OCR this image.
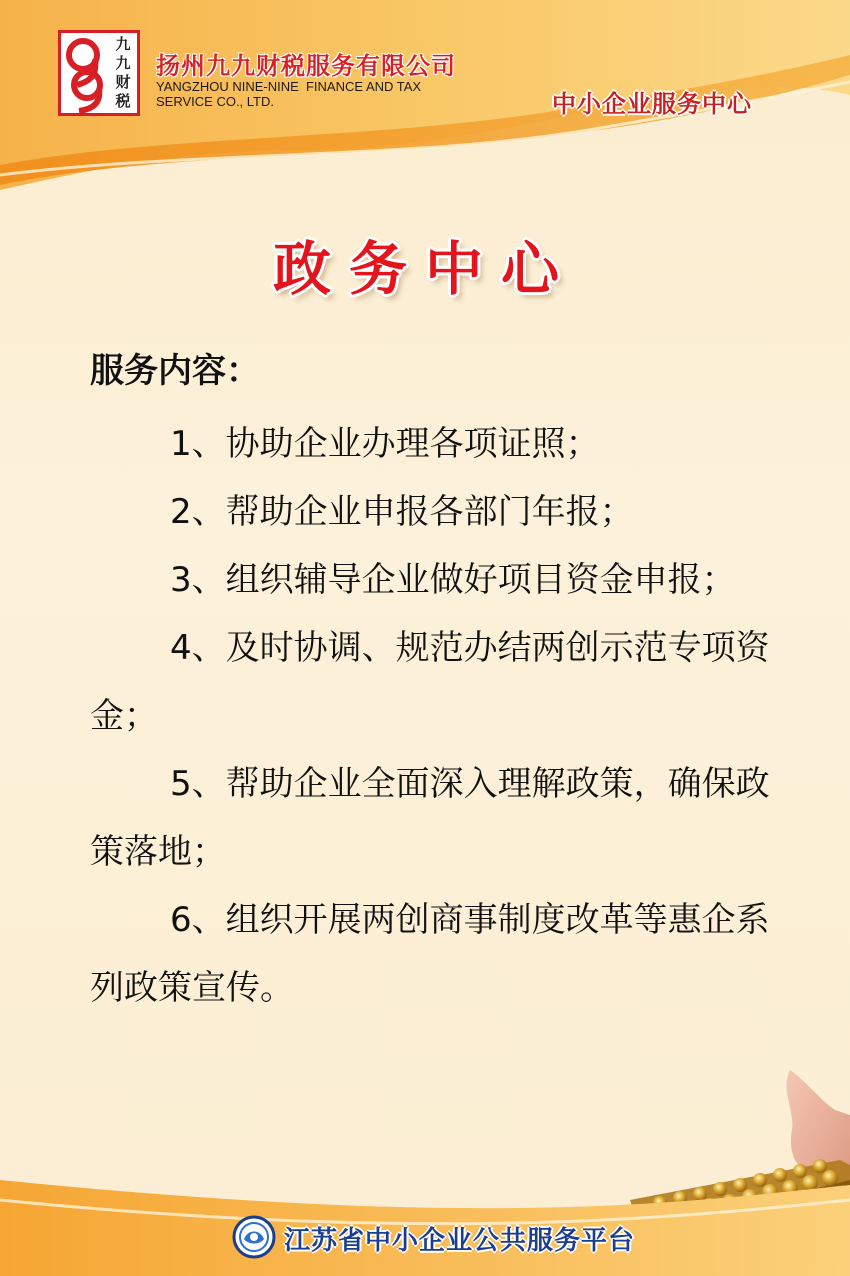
九
九
财
税
扬州九九财税服务有限公司
YANGZHOU NINE-NINE  FINANCE AND TAX
SERVICE CO., LTD.	中小企业服务中心
政务中心
服务内容：

1、协助企业办理各项证照；

2、帮助企业申报各部门年报；

3、组织辅导企业做好项目资金申报；

4、及时协调、规范办结两创示范专项资金；

5、帮助企业全面深入理解政策，确保政策落地；

6、组织开展两创商事制度改革等惠企系列政策宣传。

江苏省中小企业公共服务平台
